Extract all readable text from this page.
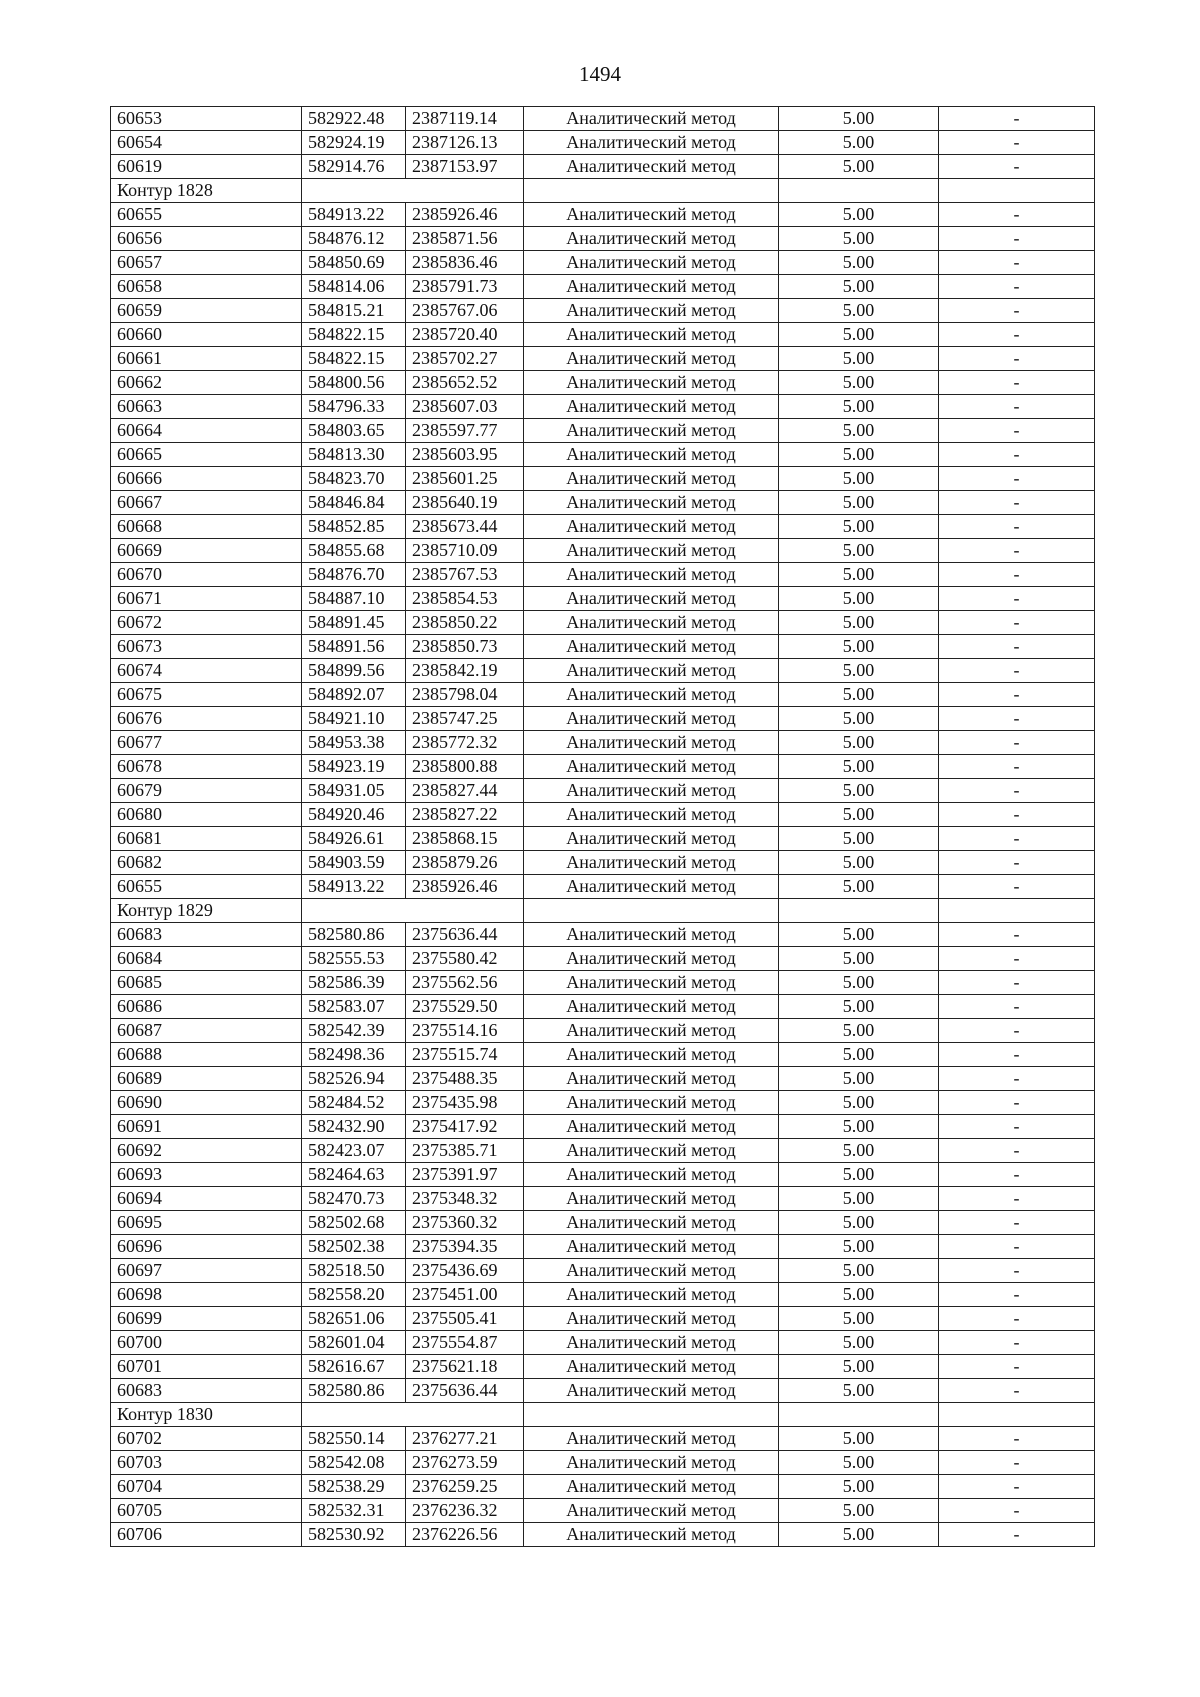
1494
60653	582922.48	2387119.14	Аналитический метод	5.00	-
60654	582924.19	2387126.13	Аналитический метод	5.00	-
60619	582914.76	2387153.97	Аналитический метод	5.00	-
Контур 1828					
60655	584913.22	2385926.46	Аналитический метод	5.00	-
60656	584876.12	2385871.56	Аналитический метод	5.00	-
60657	584850.69	2385836.46	Аналитический метод	5.00	-
60658	584814.06	2385791.73	Аналитический метод	5.00	-
60659	584815.21	2385767.06	Аналитический метод	5.00	-
60660	584822.15	2385720.40	Аналитический метод	5.00	-
60661	584822.15	2385702.27	Аналитический метод	5.00	-
60662	584800.56	2385652.52	Аналитический метод	5.00	-
60663	584796.33	2385607.03	Аналитический метод	5.00	-
60664	584803.65	2385597.77	Аналитический метод	5.00	-
60665	584813.30	2385603.95	Аналитический метод	5.00	-
60666	584823.70	2385601.25	Аналитический метод	5.00	-
60667	584846.84	2385640.19	Аналитический метод	5.00	-
60668	584852.85	2385673.44	Аналитический метод	5.00	-
60669	584855.68	2385710.09	Аналитический метод	5.00	-
60670	584876.70	2385767.53	Аналитический метод	5.00	-
60671	584887.10	2385854.53	Аналитический метод	5.00	-
60672	584891.45	2385850.22	Аналитический метод	5.00	-
60673	584891.56	2385850.73	Аналитический метод	5.00	-
60674	584899.56	2385842.19	Аналитический метод	5.00	-
60675	584892.07	2385798.04	Аналитический метод	5.00	-
60676	584921.10	2385747.25	Аналитический метод	5.00	-
60677	584953.38	2385772.32	Аналитический метод	5.00	-
60678	584923.19	2385800.88	Аналитический метод	5.00	-
60679	584931.05	2385827.44	Аналитический метод	5.00	-
60680	584920.46	2385827.22	Аналитический метод	5.00	-
60681	584926.61	2385868.15	Аналитический метод	5.00	-
60682	584903.59	2385879.26	Аналитический метод	5.00	-
60655	584913.22	2385926.46	Аналитический метод	5.00	-
Контур 1829					
60683	582580.86	2375636.44	Аналитический метод	5.00	-
60684	582555.53	2375580.42	Аналитический метод	5.00	-
60685	582586.39	2375562.56	Аналитический метод	5.00	-
60686	582583.07	2375529.50	Аналитический метод	5.00	-
60687	582542.39	2375514.16	Аналитический метод	5.00	-
60688	582498.36	2375515.74	Аналитический метод	5.00	-
60689	582526.94	2375488.35	Аналитический метод	5.00	-
60690	582484.52	2375435.98	Аналитический метод	5.00	-
60691	582432.90	2375417.92	Аналитический метод	5.00	-
60692	582423.07	2375385.71	Аналитический метод	5.00	-
60693	582464.63	2375391.97	Аналитический метод	5.00	-
60694	582470.73	2375348.32	Аналитический метод	5.00	-
60695	582502.68	2375360.32	Аналитический метод	5.00	-
60696	582502.38	2375394.35	Аналитический метод	5.00	-
60697	582518.50	2375436.69	Аналитический метод	5.00	-
60698	582558.20	2375451.00	Аналитический метод	5.00	-
60699	582651.06	2375505.41	Аналитический метод	5.00	-
60700	582601.04	2375554.87	Аналитический метод	5.00	-
60701	582616.67	2375621.18	Аналитический метод	5.00	-
60683	582580.86	2375636.44	Аналитический метод	5.00	-
Контур 1830					
60702	582550.14	2376277.21	Аналитический метод	5.00	-
60703	582542.08	2376273.59	Аналитический метод	5.00	-
60704	582538.29	2376259.25	Аналитический метод	5.00	-
60705	582532.31	2376236.32	Аналитический метод	5.00	-
60706	582530.92	2376226.56	Аналитический метод	5.00	-
